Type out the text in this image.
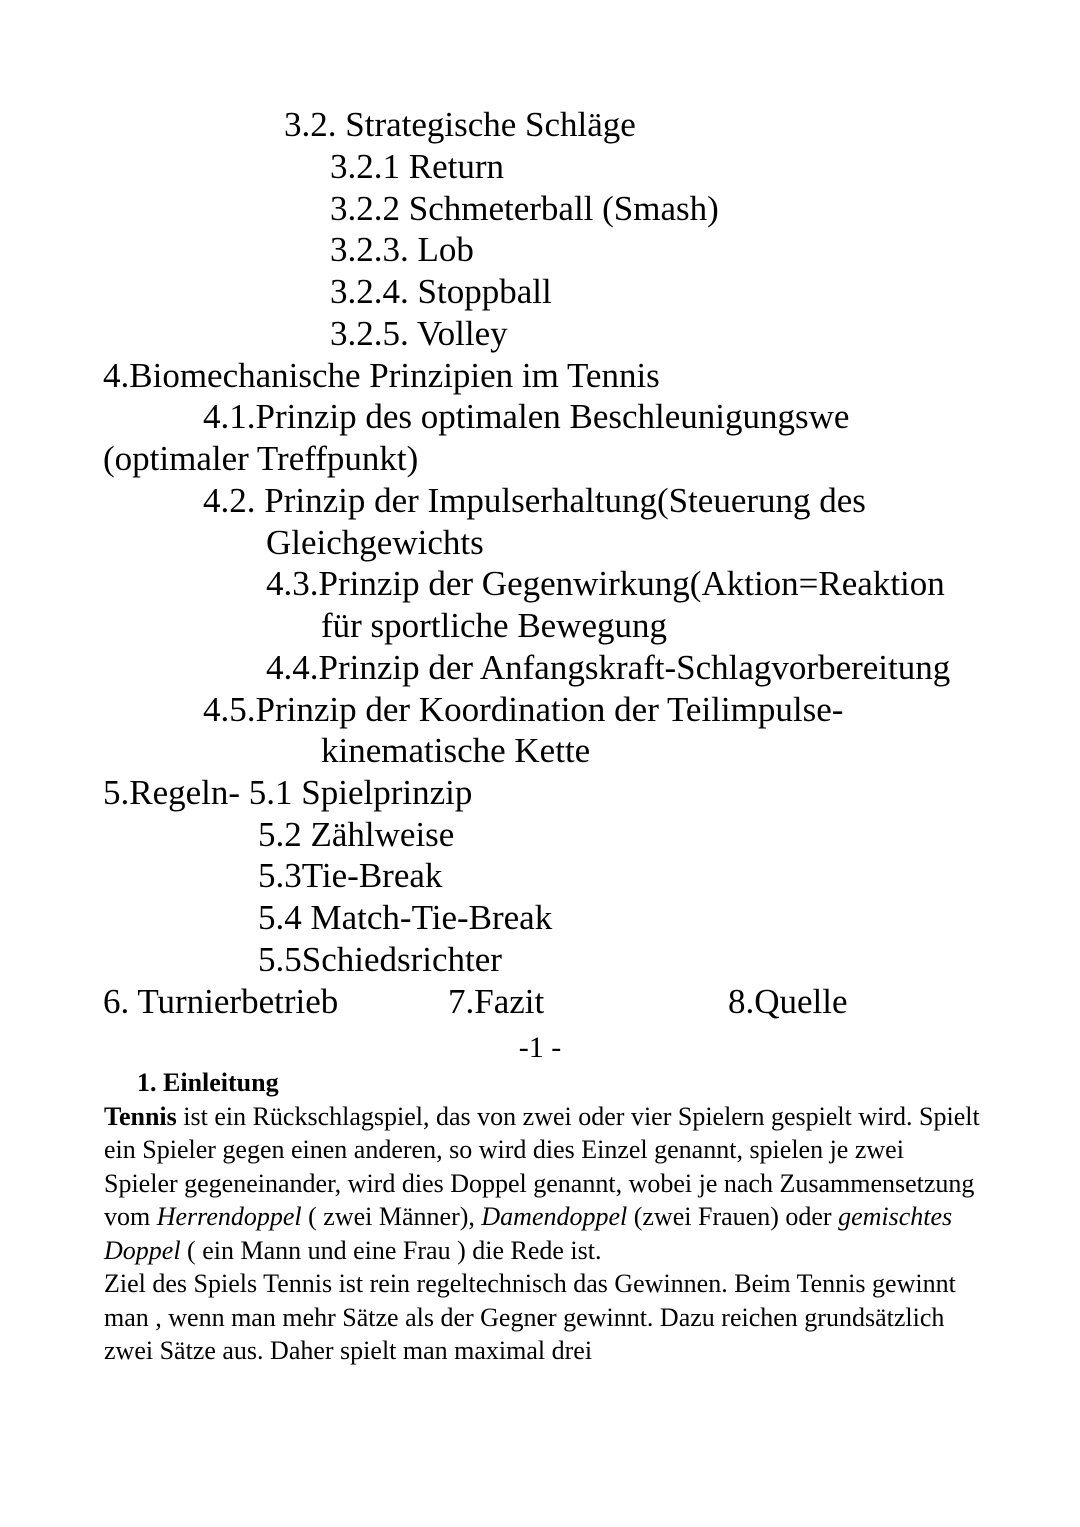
3.2. Strategische Schläge
3.2.1 Return
3.2.2 Schmeterball (Smash)
3.2.3. Lob
3.2.4. Stoppball
3.2.5. Volley
4.Biomechanische Prinzipien im Tennis
4.1.Prinzip des optimalen Beschleunigungswe
(optimaler Treffpunkt)
4.2. Prinzip der Impulserhaltung(Steuerung des
Gleichgewichts
4.3.Prinzip der Gegenwirkung(Aktion=Reaktion
für sportliche Bewegung
4.4.Prinzip der Anfangskraft-Schlagvorbereitung
4.5.Prinzip der Koordination der Teilimpulse-
kinematische Kette
5.Regeln- 5.1 Spielprinzip
5.2 Zählweise
5.3Tie-Break
5.4 Match-Tie-Break
5.5Schiedsrichter
6. Turnierbetrieb	7.Fazit	8.Quelle
-1 -
1. Einleitung

Tennis ist ein Rückschlagspiel, das von zwei oder vier Spielern gespielt wird. Spielt ein Spieler gegen einen anderen, so wird dies Einzel genannt, spielen je zwei Spieler gegeneinander, wird dies Doppel genannt, wobei je nach Zusammensetzung vom Herrendoppel ( zwei Männer), Damendoppel (zwei Frauen) oder gemischtes Doppel ( ein Mann und eine Frau ) die Rede ist.

Ziel des Spiels Tennis ist rein regeltechnisch das Gewinnen. Beim Tennis gewinnt man , wenn man mehr Sätze als der Gegner gewinnt. Dazu reichen grundsätzlich zwei Sätze aus. Daher spielt man maximal drei
